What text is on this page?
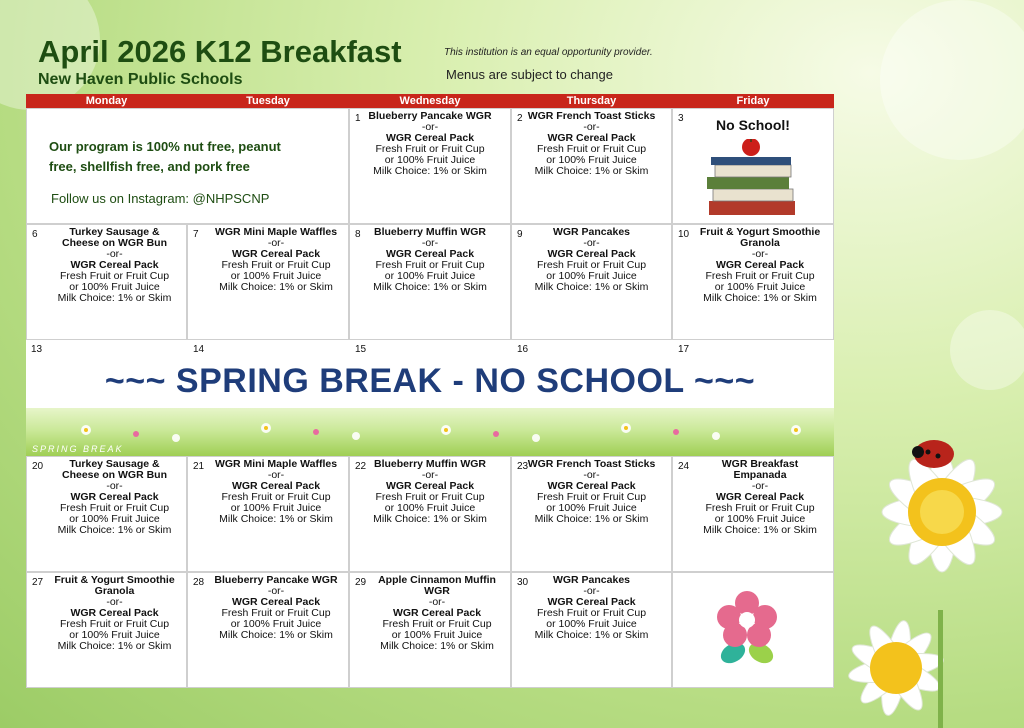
April 2026 K12 Breakfast
New Haven Public Schools
This institution is an equal opportunity provider.
Menus are subject to change
Monday	Tuesday	Wednesday	Thursday	Friday
Our program is 100% nut free, peanut free, shellfish free, and pork free
Follow us on Instagram: @NHPSCNP
1 Blueberry Pancake WGR
-or-
WGR Cereal Pack
Fresh Fruit or Fruit Cup
or 100% Fruit Juice
Milk Choice: 1% or Skim
2 WGR French Toast Sticks
-or-
WGR Cereal Pack
Fresh Fruit or Fruit Cup
or 100% Fruit Juice
Milk Choice: 1% or Skim
3	No School!
6	Turkey Sausage & Cheese on WGR Bun
-or-
WGR Cereal Pack
Fresh Fruit or Fruit Cup
or 100% Fruit Juice
Milk Choice: 1% or Skim
7 WGR Mini Maple Waffles
-or-
WGR Cereal Pack
Fresh Fruit or Fruit Cup
or 100% Fruit Juice
Milk Choice: 1% or Skim
8	Blueberry Muffin WGR
-or-
WGR Cereal Pack
Fresh Fruit or Fruit Cup
or 100% Fruit Juice
Milk Choice: 1% or Skim
9	WGR Pancakes
-or-
WGR Cereal Pack
Fresh Fruit or Fruit Cup
or 100% Fruit Juice
Milk Choice: 1% or Skim
10	Fruit & Yogurt Smoothie Granola
-or-
WGR Cereal Pack
Fresh Fruit or Fruit Cup
or 100% Fruit Juice
Milk Choice: 1% or Skim
13	14	15	16	17
~~~ SPRING BREAK - NO SCHOOL ~~~
SPRING BREAK
20	Turkey Sausage & Cheese on WGR Bun
-or-
WGR Cereal Pack
Fresh Fruit or Fruit Cup
or 100% Fruit Juice
Milk Choice: 1% or Skim
21 WGR Mini Maple Waffles
-or-
WGR Cereal Pack
Fresh Fruit or Fruit Cup
or 100% Fruit Juice
Milk Choice: 1% or Skim
22 Blueberry Muffin WGR
-or-
WGR Cereal Pack
Fresh Fruit or Fruit Cup
or 100% Fruit Juice
Milk Choice: 1% or Skim
23 WGR French Toast Sticks
-or-
WGR Cereal Pack
Fresh Fruit or Fruit Cup
or 100% Fruit Juice
Milk Choice: 1% or Skim
24	WGR Breakfast Empanada
-or-
WGR Cereal Pack
Fresh Fruit or Fruit Cup
or 100% Fruit Juice
Milk Choice: 1% or Skim
27	Fruit & Yogurt Smoothie Granola
-or-
WGR Cereal Pack
Fresh Fruit or Fruit Cup
or 100% Fruit Juice
Milk Choice: 1% or Skim
28 Blueberry Pancake WGR
-or-
WGR Cereal Pack
Fresh Fruit or Fruit Cup
or 100% Fruit Juice
Milk Choice: 1% or Skim
29	Apple Cinnamon Muffin WGR
-or-
WGR Cereal Pack
Fresh Fruit or Fruit Cup
or 100% Fruit Juice
Milk Choice: 1% or Skim
30	WGR Pancakes
-or-
WGR Cereal Pack
Fresh Fruit or Fruit Cup
or 100% Fruit Juice
Milk Choice: 1% or Skim
